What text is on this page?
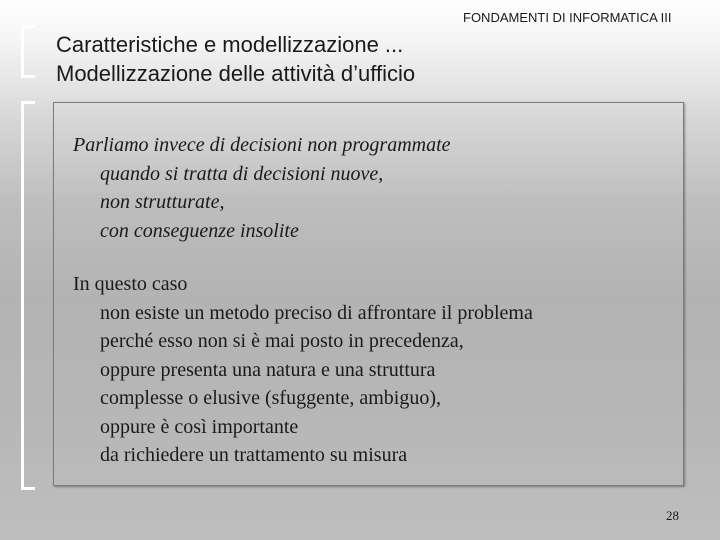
FONDAMENTI DI INFORMATICA III
Caratteristiche e modellizzazione ...
Modellizzazione delle attività d’ufficio
Parliamo invece di decisioni non programmate
quando si tratta di decisioni nuove,
non strutturate,
con conseguenze insolite
In questo caso
non esiste un metodo preciso di affrontare il problema
perché esso non si è mai posto in precedenza,
oppure presenta una natura e una struttura
complesse o elusive (sfuggente, ambiguo),
oppure è così importante
da richiedere un trattamento su misura
28
